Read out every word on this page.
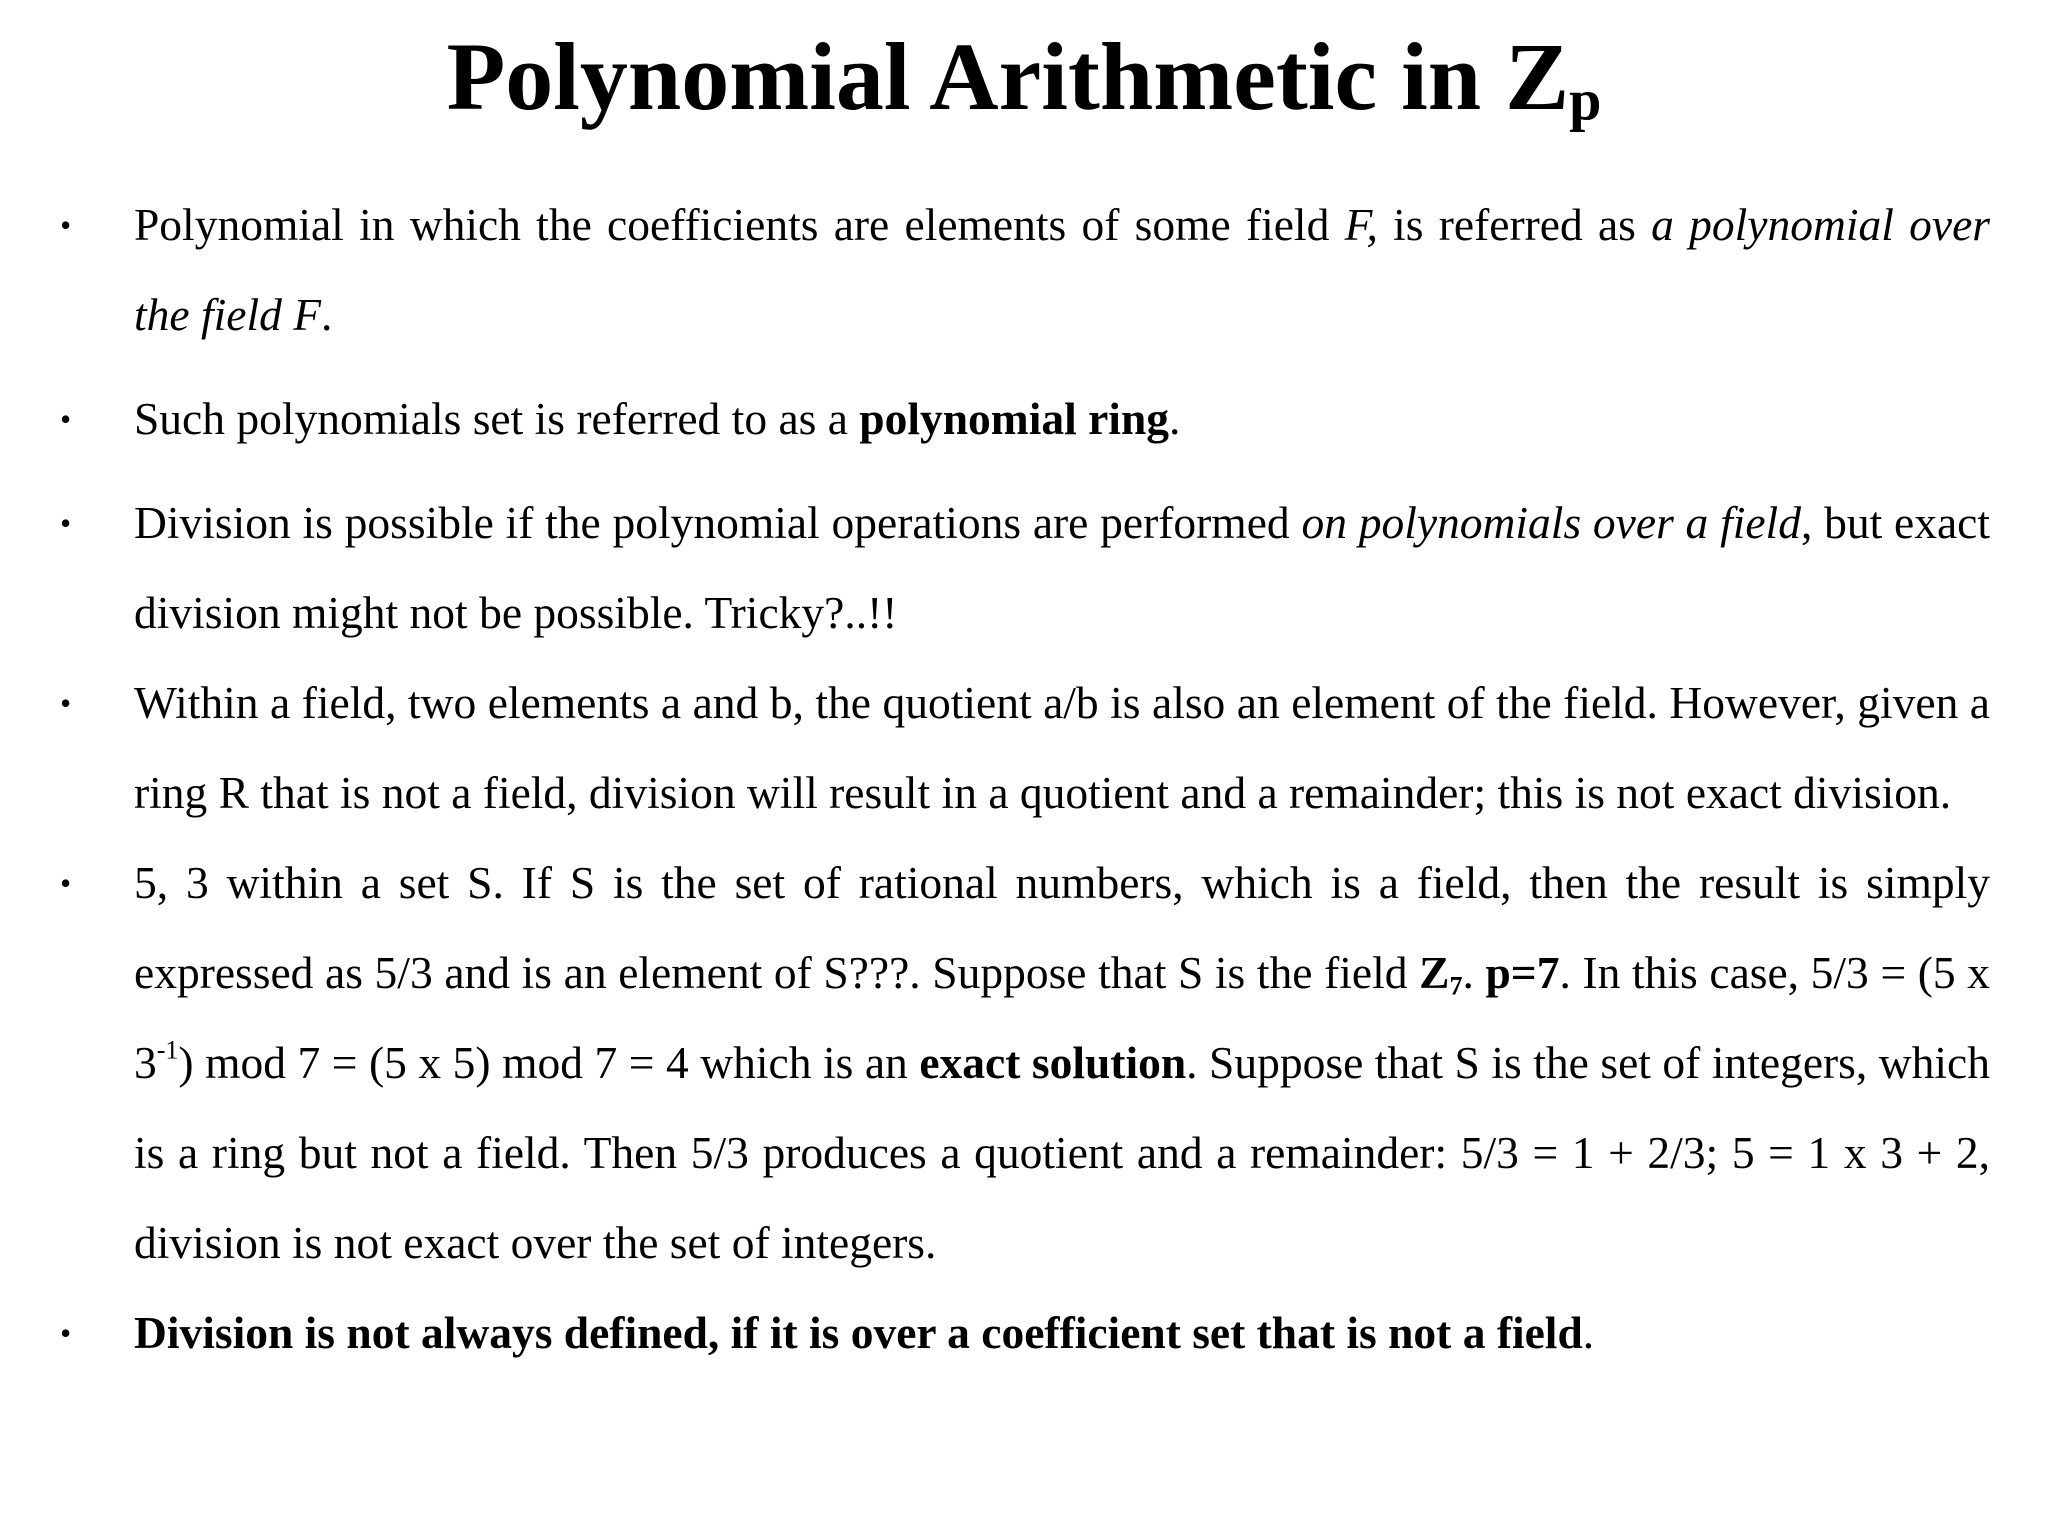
Polynomial Arithmetic in $Z_p$
•	Polynomial in which the coefficients are elements of some field F, is referred as a polynomial over the field F.
•	Such polynomials set is referred to as a polynomial ring.
•	Division is possible if the polynomial operations are performed on polynomials over a field, but exact division might not be possible. Tricky?..!!
•	Within a field, two elements a and b, the quotient a/b is also an element of the field. However, given a ring R that is not a field, division will result in a quotient and a remainder; this is not exact division.
•	5, 3 within a set S. If S is the set of rational numbers, which is a field, then the result is simply expressed as 5/3 and is an element of S???. Suppose that S is the field $Z_7$. p=7. In this case, 5/3 = (5 x $3^{-1}$) mod 7 = (5 x 5) mod 7 = 4 which is an exact solution. Suppose that S is the set of integers, which is a ring but not a field. Then 5/3 produces a quotient and a remainder: 5/3 = 1 + 2/3; 5 = 1 x 3 + 2, division is not exact over the set of integers.
•	Division is not always defined, if it is over a coefficient set that is not a field.
